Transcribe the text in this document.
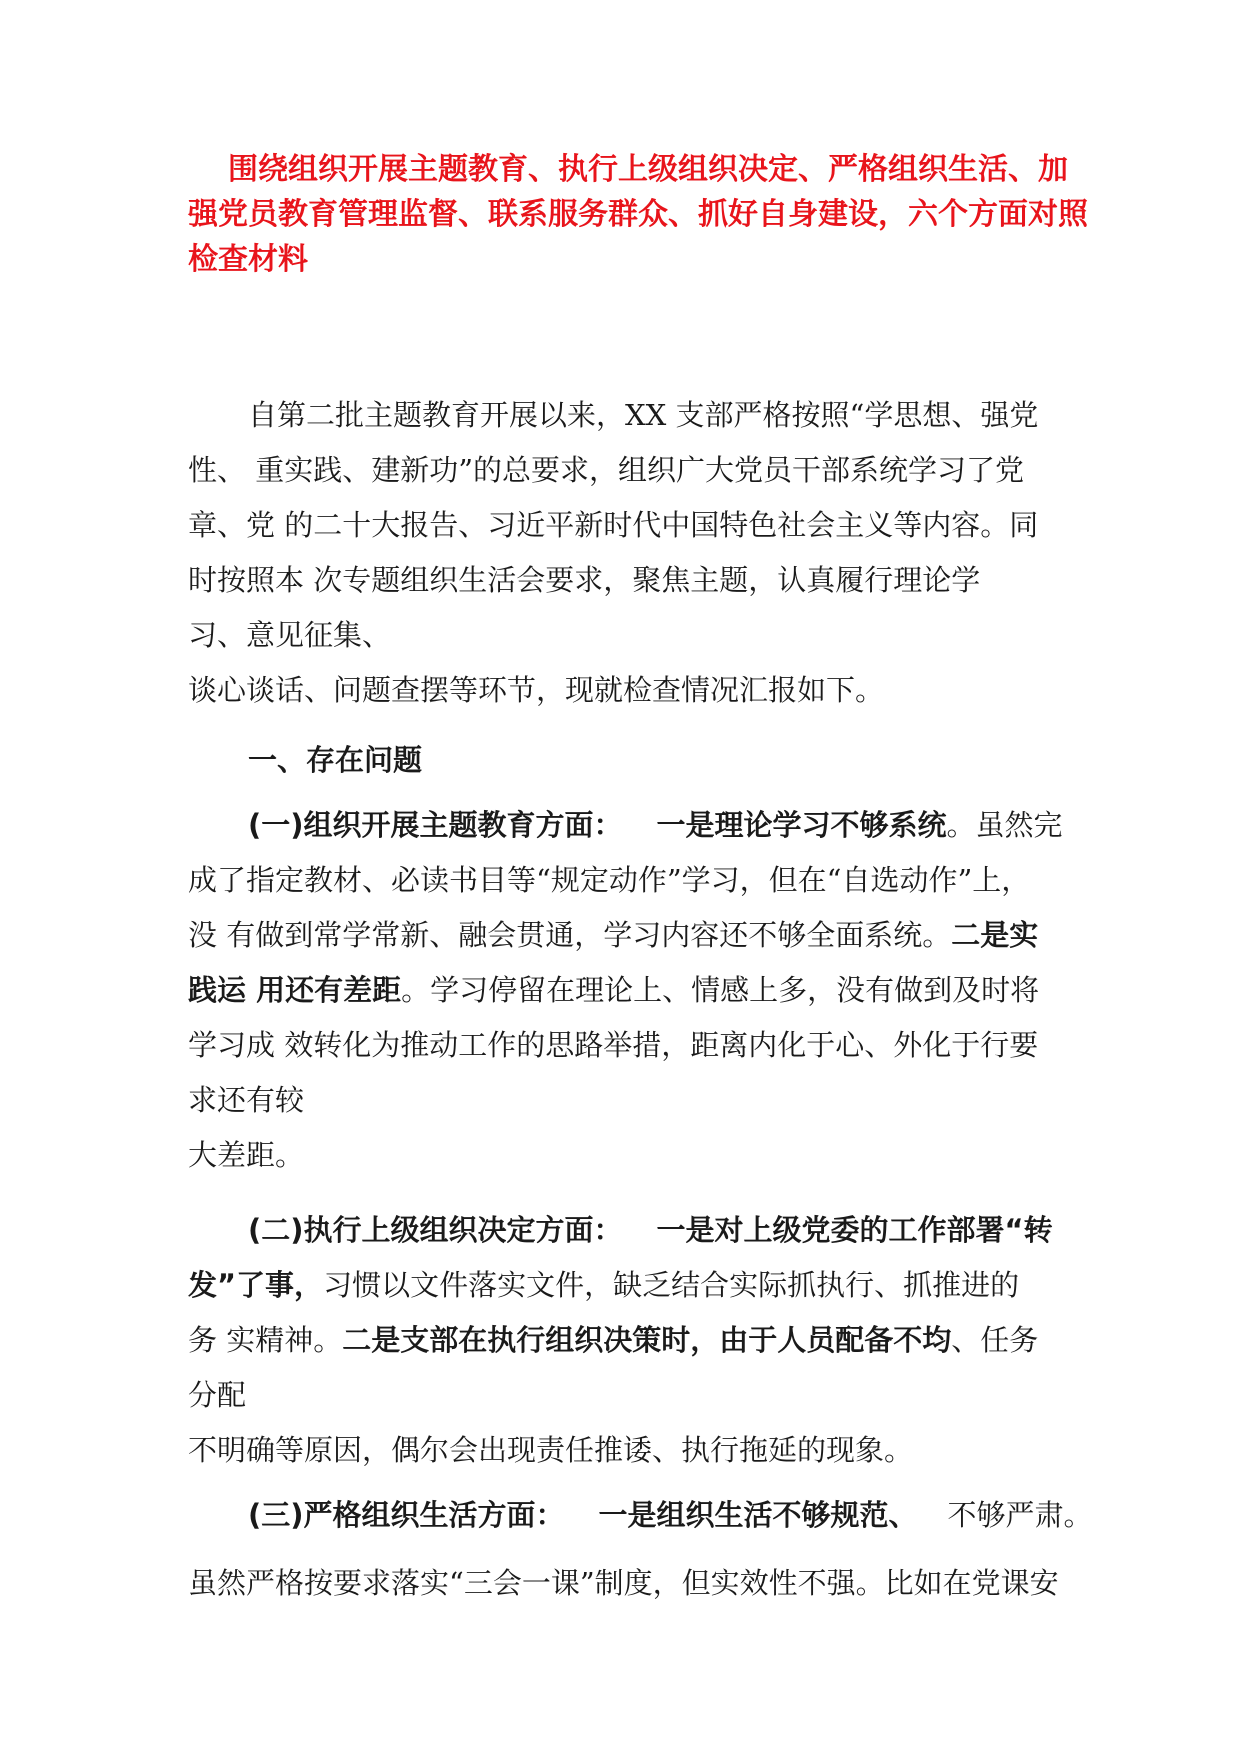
围绕组织开展主题教育、执行上级组织决定、严格组织生活、加
强党员教育管理监督、联系服务群众、抓好自身建设，六个方面对照
检查材料
自第二批主题教育开展以来，XX 支部严格按照“学思想、强党
性、 重实践、建新功”的总要求，组织广大党员干部系统学习了党
章、党 的二十大报告、习近平新时代中国特色社会主义等内容。同
时按照本 次专题组织生活会要求，聚焦主题，认真履行理论学
习、意见征集、
谈心谈话、问题查摆等环节，现就检查情况汇报如下。
一、存在问题
(一)组织开展主题教育方面： 一是理论学习不够系统。虽然完
成了指定教材、必读书目等“规定动作”学习，但在“自选动作”上，
没 有做到常学常新、融会贯通，学习内容还不够全面系统。二是实
践运 用还有差距。学习停留在理论上、情感上多，没有做到及时将
学习成 效转化为推动工作的思路举措，距离内化于心、外化于行要
求还有较
大差距。
(二)执行上级组织决定方面： 一是对上级党委的工作部署“转
发”了事，习惯以文件落实文件，缺乏结合实际抓执行、抓推进的
务 实精神。二是支部在执行组织决策时，由于人员配备不均、任务
分配
不明确等原因，偶尔会出现责任推诿、执行拖延的现象。
(三)严格组织生活方面： 一是组织生活不够规范、 不够严肃。
虽然严格按要求落实“三会一课”制度，但实效性不强。比如在党课安
